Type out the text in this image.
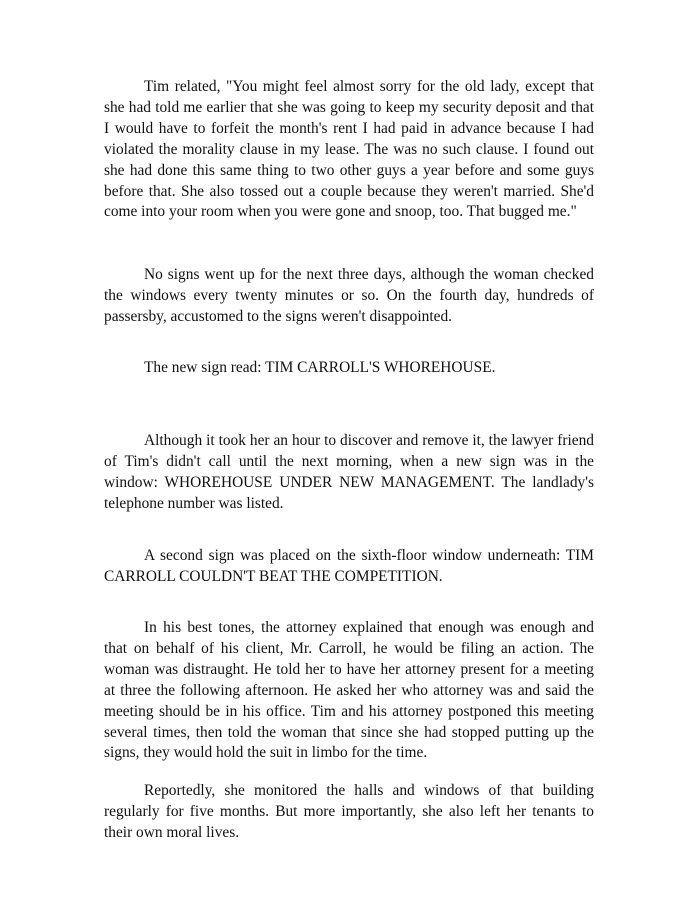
Tim related, "You might feel almost sorry for the old lady, except that she had told me earlier that she was going to keep my security deposit and that I would have to forfeit the month's rent I had paid in advance because I had violated the morality clause in my lease. The was no such clause. I found out she had done this same thing to two other guys a year before and some guys before that. She also tossed out a couple because they weren't married. She'd come into your room when you were gone and snoop, too. That bugged me."

No signs went up for the next three days, although the woman checked the windows every twenty minutes or so. On the fourth day, hundreds of passersby, accustomed to the signs weren't disappointed.

The new sign read: TIM CARROLL'S WHOREHOUSE.

Although it took her an hour to discover and remove it, the lawyer friend of Tim's didn't call until the next morning, when a new sign was in the window: WHOREHOUSE UNDER NEW MANAGEMENT. The landlady's telephone number was listed.

A second sign was placed on the sixth-floor window underneath: TIM CARROLL COULDN'T BEAT THE COMPETITION.

In his best tones, the attorney explained that enough was enough and that on behalf of his client, Mr. Carroll, he would be filing an action. The woman was distraught. He told her to have her attorney present for a meeting at three the following afternoon. He asked her who attorney was and said the meeting should be in his office. Tim and his attorney postponed this meeting several times, then told the woman that since she had stopped putting up the signs, they would hold the suit in limbo for the time.

Reportedly, she monitored the halls and windows of that building regularly for five months. But more importantly, she also left her tenants to their own moral lives.
